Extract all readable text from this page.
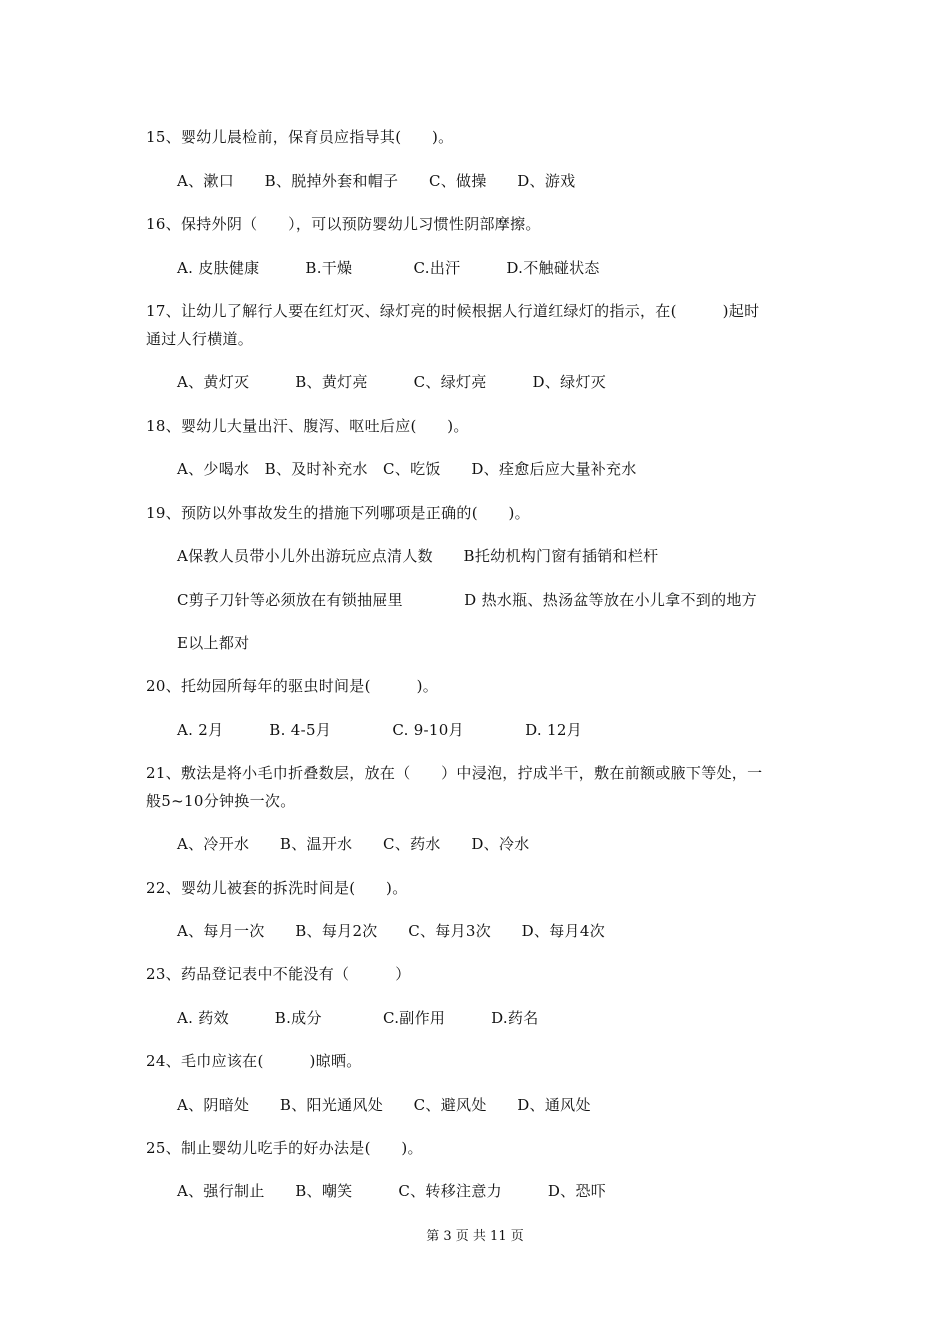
15、婴幼儿晨检前，保育员应指导其(　　)。
A、漱口　　B、脱掉外套和帽子　　C、做操　　D、游戏
16、保持外阴（　　），可以预防婴幼儿习惯性阴部摩擦。
A. 皮肤健康　　　B.干燥　　　　C.出汗　　　D.不触碰状态
17、让幼儿了解行人要在红灯灭、绿灯亮的时候根据人行道红绿灯的指示，在(　　　)起时
通过人行横道。
A、黄灯灭　　　B、黄灯亮　　　C、绿灯亮　　　D、绿灯灭
18、婴幼儿大量出汗、腹泻、呕吐后应(　　)。
A、少喝水　B、及时补充水　C、吃饭　　D、痊愈后应大量补充水
19、预防以外事故发生的措施下列哪项是正确的(　　)。
A保教人员带小儿外出游玩应点清人数　　B托幼机构门窗有插销和栏杆
C剪子刀针等必须放在有锁抽屉里　　　　D 热水瓶、热汤盆等放在小儿拿不到的地方
E以上都对
20、托幼园所每年的驱虫时间是(　　　)。
A. 2月　　　B. 4-5月　　　　C. 9-10月　　　　D. 12月
21、敷法是将小毛巾折叠数层，放在（　　）中浸泡，拧成半干，敷在前额或腋下等处，一
般5~10分钟换一次。
A、冷开水　　B、温开水　　C、药水　　D、冷水
22、婴幼儿被套的拆洗时间是(　　)。
A、每月一次　　B、每月2次　　C、每月3次　　D、每月4次
23、药品登记表中不能没有（　　　）
A. 药效　　　B.成分　　　　C.副作用　　　D.药名
24、毛巾应该在(　　　)晾晒。
A、阴暗处　　B、阳光通风处　　C、避风处　　D、通风处
25、制止婴幼儿吃手的好办法是(　　)。
A、强行制止　　B、嘲笑　　　C、转移注意力　　　D、恐吓
第 3 页 共 11 页
